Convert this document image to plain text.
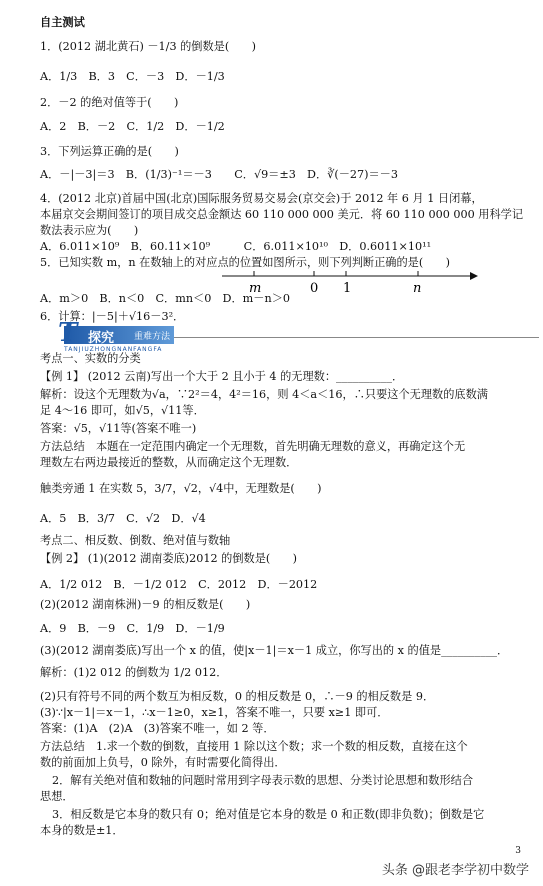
自主测试
1．(2012 湖北黄石) －1/3 的倒数是(　　)
A．1/3　B．3　C．－3　D．－1/3
2．－2 的绝对值等于(　　)
A．2　B．－2　C．1/2　D．－1/2
3．下列运算正确的是(　　)
A．－|－3|＝3　B．(1/3)⁻¹＝－3　　C．√9＝±3　D．∛(－27)＝－3
4．(2012 北京)首届中国(北京)国际服务贸易交易会(京交会)于 2012 年 6 月 1 日闭幕，
本届京交会期间签订的项目成交总金额达 60 110 000 000 美元．将 60 110 000 000 用科学记
数法表示应为(　　)
A．6.011×10⁹　B．60.11×10⁹　　　C．6.011×10¹⁰　D．0.6011×10¹¹
5．已知实数 m，n 在数轴上的对应点的位置如图所示，则下列判断正确的是(　　)
A．m＞0　B．n＜0　C．mn＜0　D．m－n＞0
6．计算：|－5|＋√16－3²．
考点一、实数的分类
【例 1】 (2012 云南)写出一个大于 2 且小于 4 的无理数：__________．
解析：设这个无理数为√a，∵2²＝4，4²＝16，则 4＜a＜16，∴只要这个无理数的底数满
足 4～16 即可，如√5，√11等．
答案：√5，√11等(答案不唯一)
方法总结　本题在一定范围内确定一个无理数，首先明确无理数的意义，再确定这个无
理数左右两边最接近的整数，从而确定这个无理数．
触类旁通 1 在实数 5，3/7，√2，√4中，无理数是(　　)
A．5　B．3/7　C．√2　D．√4
考点二、相反数、倒数、绝对值与数轴
【例 2】 (1)(2012 湖南娄底)2012 的倒数是(　　)
A．1/2 012　B．－1/2 012　C．2012　D．－2012
(2)(2012 湖南株洲)－9 的相反数是(　　)
A．9　B．－9　C．1/9　D．－1/9
(3)(2012 湖南娄底)写出一个 x 的值，使|x－1|＝x－1 成立，你写出的 x 的值是__________．
解析：(1)2 012 的倒数为 1/2 012．
(2)只有符号不同的两个数互为相反数，0 的相反数是 0，∴－9 的相反数是 9．
(3)∵|x－1|＝x－1，∴x－1≥0，x≥1，答案不唯一，只要 x≥1 即可．
答案：(1)A　(2)A　(3)答案不唯一，如 2 等．
方法总结　1.求一个数的倒数，直接用 1 除以这个数；求一个数的相反数，直接在这个
数的前面加上负号，0 除外，有时需要化简得出．
2．解有关绝对值和数轴的问题时常用到字母表示数的思想、分类讨论思想和数形结合
思想．
3．相反数是它本身的数只有 0；绝对值是它本身的数是 0 和正数(即非负数)；倒数是它
本身的数是±1．
m	0 1	n
T 探究 重难方法
TANJIUZHONGNANFANGFA
3
头条 @跟老李学初中数学
